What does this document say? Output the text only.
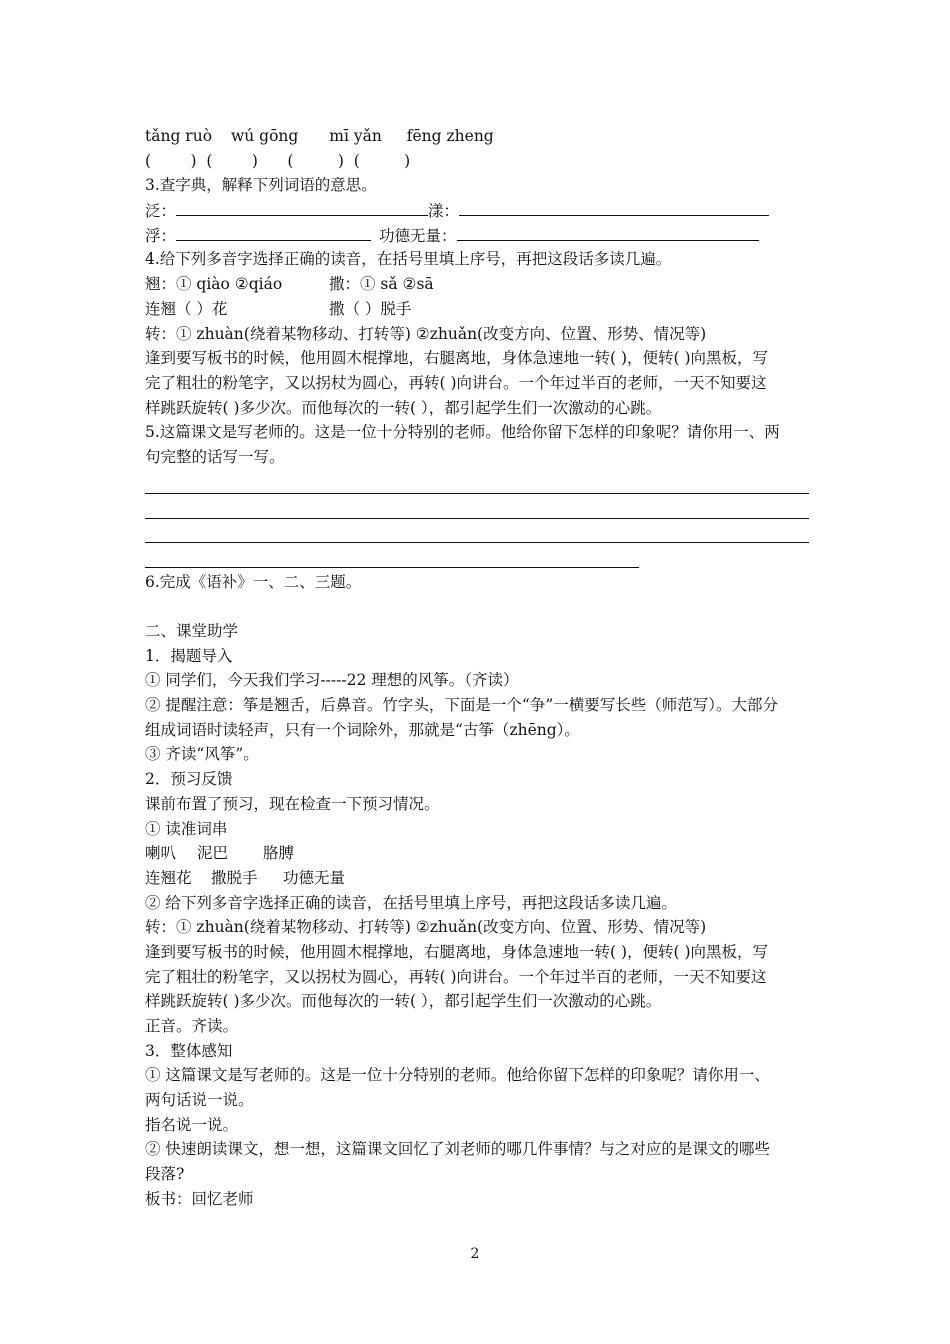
tǎng ruò wú gōng mī yǎn fēng zheng
(        )  (        )      (         )  (         )
3.查字典，解释下列词语的意思。
泛：	漾：
浮：	功德无量：
4.给下列多音字选择正确的读音，在括号里填上序号，再把这段话多读几遍。
翘：① qiào ②qiáo	撒：① sǎ ②sā
连翘（ ）花	撒（ ）脱手
转：① zhuàn(绕着某物移动、打转等) ②zhuǎn(改变方向、位置、形势、情况等)
逢到要写板书的时候，他用圆木棍撑地，右腿离地，身体急速地一转( )，便转( )向黑板，写
完了粗壮的粉笔字，又以拐杖为圆心，再转( )向讲台。一个年过半百的老师，一天不知要这
样跳跃旋转( )多少次。而他每次的一转( ），都引起学生们一次激动的心跳。
5.这篇课文是写老师的。这是一位十分特别的老师。他给你留下怎样的印象呢？请你用一、两
句完整的话写一写。
6.完成《语补》一、二、三题。
二、课堂助学
1．揭题导入
① 同学们，今天我们学习-----22 理想的风筝。（齐读）
② 提醒注意：筝是翘舌，后鼻音。竹字头，下面是一个“争”一横要写长些（师范写）。大部分
组成词语时读轻声，只有一个词除外，那就是“古筝（zhēng）。
③ 齐读“风筝”。
2．预习反馈
课前布置了预习，现在检查一下预习情况。
① 读准词串
喇叭 泥巴 胳膊
连翘花 撒脱手 功德无量
② 给下列多音字选择正确的读音，在括号里填上序号，再把这段话多读几遍。
转：① zhuàn(绕着某物移动、打转等) ②zhuǎn(改变方向、位置、形势、情况等)
逢到要写板书的时候，他用圆木棍撑地，右腿离地，身体急速地一转( )，便转( )向黑板，写
完了粗壮的粉笔字，又以拐杖为圆心，再转( )向讲台。一个年过半百的老师，一天不知要这
样跳跃旋转( )多少次。而他每次的一转( ），都引起学生们一次激动的心跳。
正音。齐读。
3．整体感知
① 这篇课文是写老师的。这是一位十分特别的老师。他给你留下怎样的印象呢？请你用一、
两句话说一说。
指名说一说。
② 快速朗读课文，想一想，这篇课文回忆了刘老师的哪几件事情？与之对应的是课文的哪些
段落?
板书：回忆老师
2
